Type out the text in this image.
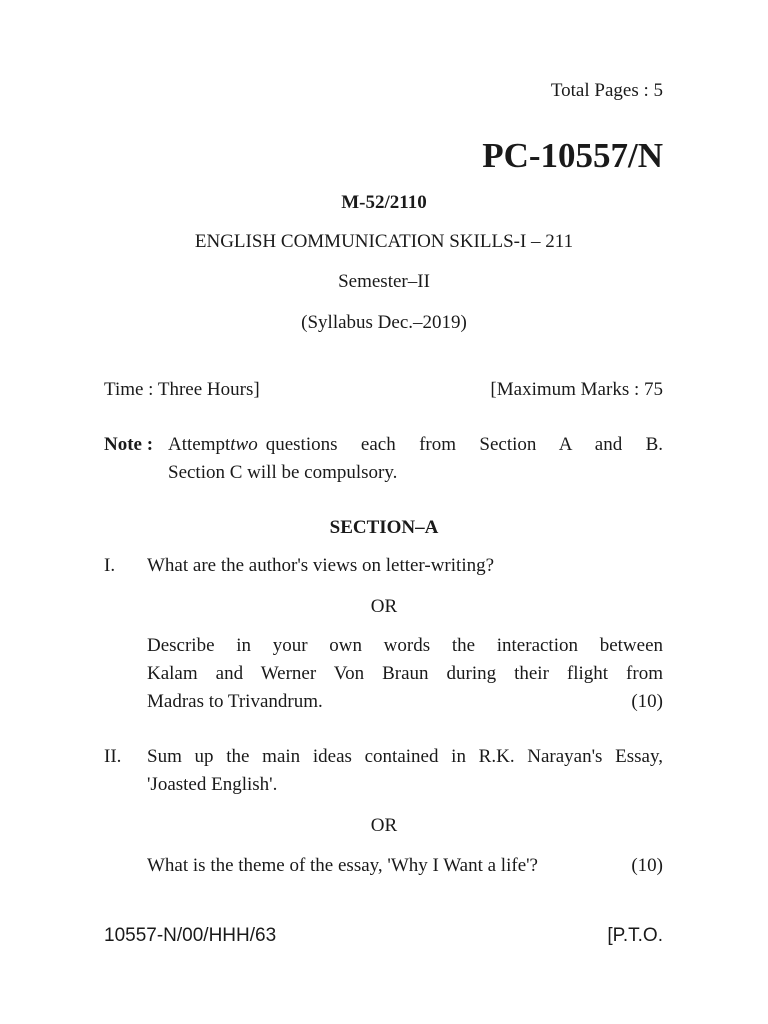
Total Pages : 5
PC-10557/N
M-52/2110
ENGLISH COMMUNICATION SKILLS-I – 211
Semester–II
(Syllabus Dec.–2019)
Time : Three Hours]	[Maximum Marks : 75
Note : Attempt two questions each from Section A and B.
Section C will be compulsory.
SECTION–A
I. What are the author's views on letter-writing?
OR
Describe in your own words the interaction between
Kalam and Werner Von Braun during their flight from
Madras to Trivandrum.	(10)
II. Sum up the main ideas contained in R.K. Narayan's Essay,
'Joasted English'.
OR
What is the theme of the essay, 'Why I Want a life'?	(10)
10557-N/00/HHH/63	[P.T.O.
